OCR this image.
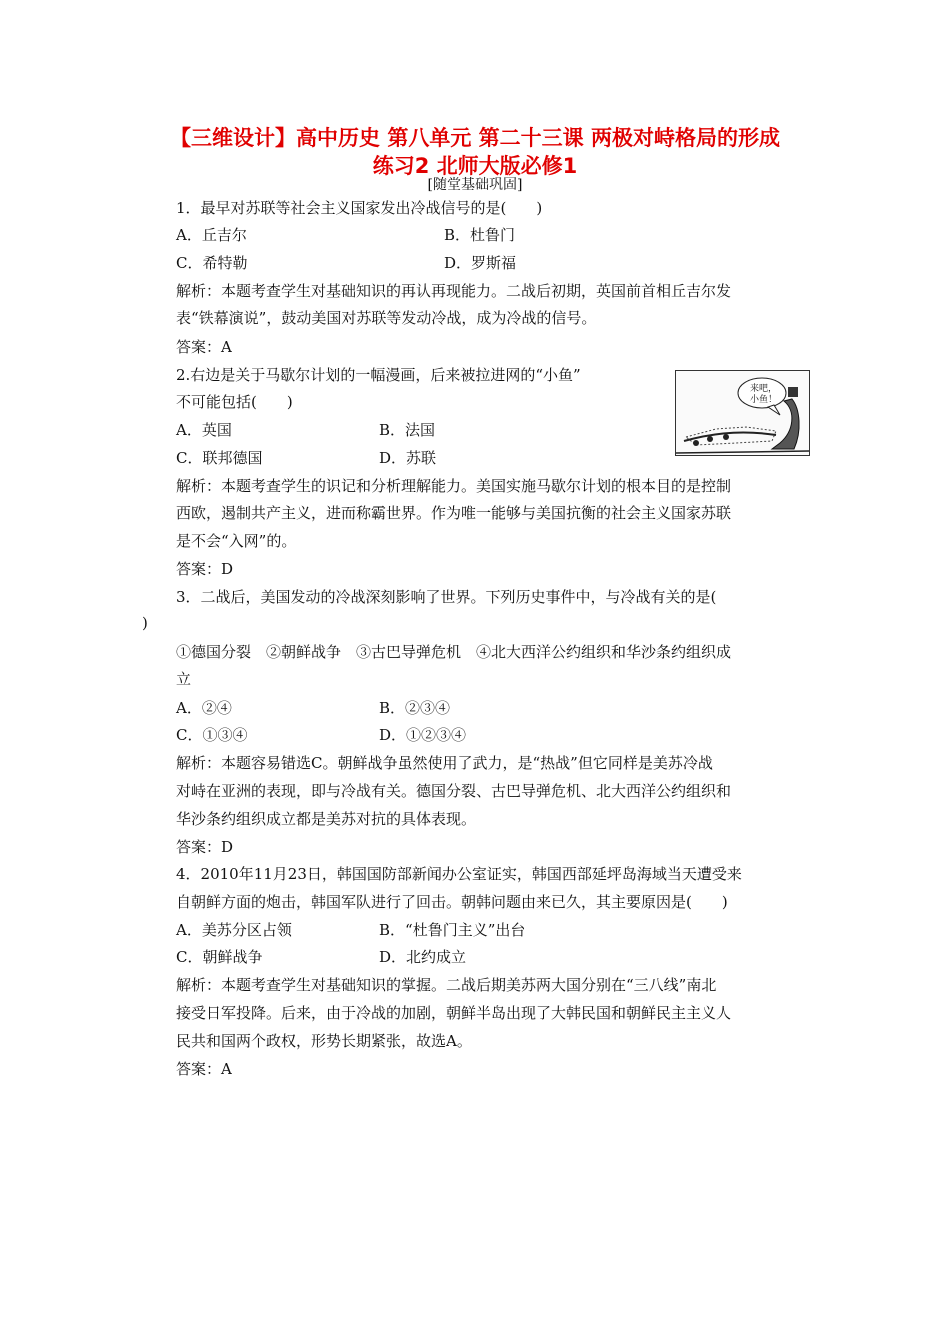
【三维设计】高中历史 第八单元 第二十三课 两极对峙格局的形成
练习2 北师大版必修1
[随堂基础巩固]
1．最早对苏联等社会主义国家发出冷战信号的是(　　)
A．丘吉尔	B．杜鲁门
C．希特勒	D．罗斯福
解析：本题考查学生对基础知识的再认再现能力。二战后初期，英国前首相丘吉尔发
表“铁幕演说”，鼓动美国对苏联等发动冷战，成为冷战的信号。
答案：A
2.右边是关于马歇尔计划的一幅漫画，后来被拉进网的“小鱼”
不可能包括(　　)
来吧，
小鱼！
A．英国	B．法国
C．联邦德国	D．苏联
解析：本题考查学生的识记和分析理解能力。美国实施马歇尔计划的根本目的是控制
西欧，遏制共产主义，进而称霸世界。作为唯一能够与美国抗衡的社会主义国家苏联
是不会“入网”的。
答案：D
3．二战后，美国发动的冷战深刻影响了世界。下列历史事件中，与冷战有关的是(
)
①德国分裂　②朝鲜战争　③古巴导弹危机　④北大西洋公约组织和华沙条约组织成
立
A．②④	B．②③④
C．①③④	D．①②③④
解析：本题容易错选C。朝鲜战争虽然使用了武力，是“热战”但它同样是美苏冷战
对峙在亚洲的表现，即与冷战有关。德国分裂、古巴导弹危机、北大西洋公约组织和
华沙条约组织成立都是美苏对抗的具体表现。
答案：D
4．2010年11月23日，韩国国防部新闻办公室证实，韩国西部延坪岛海域当天遭受来
自朝鲜方面的炮击，韩国军队进行了回击。朝韩问题由来已久，其主要原因是(　　)
A．美苏分区占领	B．“杜鲁门主义”出台
C．朝鲜战争	D．北约成立
解析：本题考查学生对基础知识的掌握。二战后期美苏两大国分别在“三八线”南北
接受日军投降。后来，由于冷战的加剧，朝鲜半岛出现了大韩民国和朝鲜民主主义人
民共和国两个政权，形势长期紧张，故选A。
答案：A
